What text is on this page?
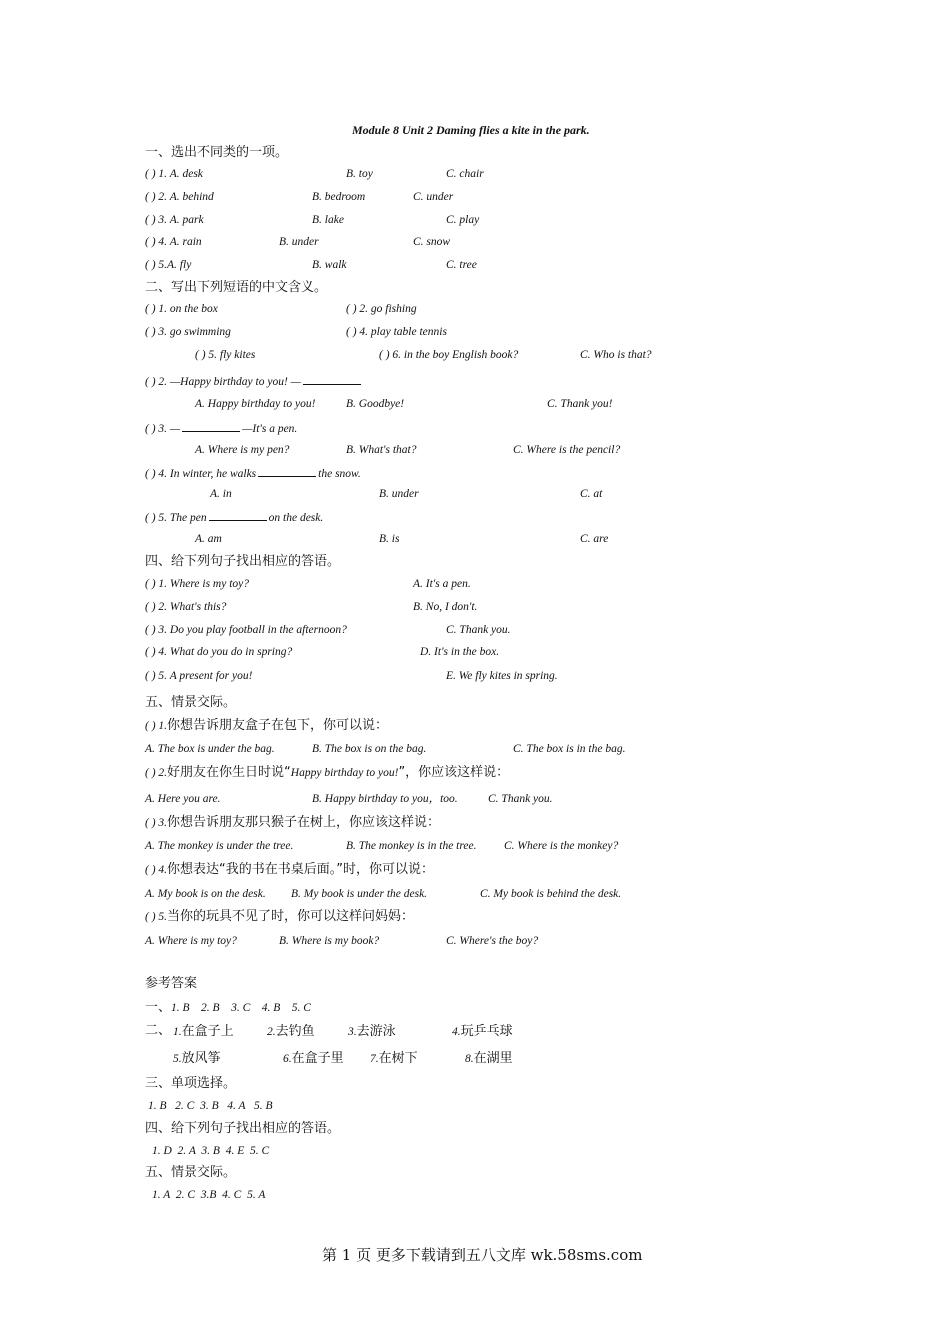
Module 8 Unit 2 Daming flies a kite in the park.
一、选出不同类的一项。
( ) 1. A. desk	B. toy	C. chair
( ) 2. A. behind	B. bedroom	C. under
( ) 3. A. park	B. lake	C. play
( ) 4. A. rain	B. under	C. snow
( ) 5.A. fly	B. walk	C. tree
二、写出下列短语的中文含义。
( ) 1. on the box	( ) 2. go fishing
( ) 3. go swimming	( ) 4. play table tennis
( ) 5. fly kites	( ) 6. in the boy English book?	C. Who is that?
( ) 2. —Happy birthday to you! —
A. Happy birthday to you!	B. Goodbye!	C. Thank you!
( ) 3. —	—It's a pen.
A. Where is my pen?	B. What's that?	C. Where is the pencil?
( ) 4. In winter, he walks	the snow.
A. in	B. under	C. at
( ) 5. The pen	on the desk.
A. am	B. is	C. are
四、给下列句子找出相应的答语。
( ) 1. Where is my toy?	A. It's a pen.
( ) 2. What's this?	B. No, I don't.
( ) 3. Do you play football in the afternoon?	C. Thank you.
( ) 4. What do you do in spring?	D. It's in the box.
( ) 5. A present for you!	E. We fly kites in spring.
五、情景交际。
( ) 1.你想告诉朋友盒子在包下，你可以说：
A. The box is under the bag.	B. The box is on the bag.	C. The box is in the bag.
( ) 2.好朋友在你生日时说“Happy birthday to you!”，你应该这样说：
A. Here you are.	B. Happy birthday to you，too.	C. Thank you.
( ) 3.你想告诉朋友那只猴子在树上，你应该这样说：
A. The monkey is under the tree.	B. The monkey is in the tree. C. Where is the monkey?
( ) 4.你想表达“我的书在书桌后面。”时，你可以说：
A. My book is on the desk. B. My book is under the desk.	C. My book is behind the desk.
( ) 5.当你的玩具不见了时，你可以这样问妈妈：
A. Where is my toy?	B. Where is my book?	C. Where's the boy?
参考答案
一、1. B    2. B    3. C    4. B    5. C
二、 1.在盒子上	2.去钓鱼	3.去游泳	4.玩乒乓球
5.放风筝	6.在盒子里 7.在树下	8.在湖里
三、单项选择。
1. B   2. C  3. B   4. A   5. B
四、给下列句子找出相应的答语。
1. D  2. A  3. B  4. E  5. C
五、情景交际。
1. A  2. C  3.B  4. C  5. A
第 1 页 更多下载请到五八文库 wk.58sms.com
